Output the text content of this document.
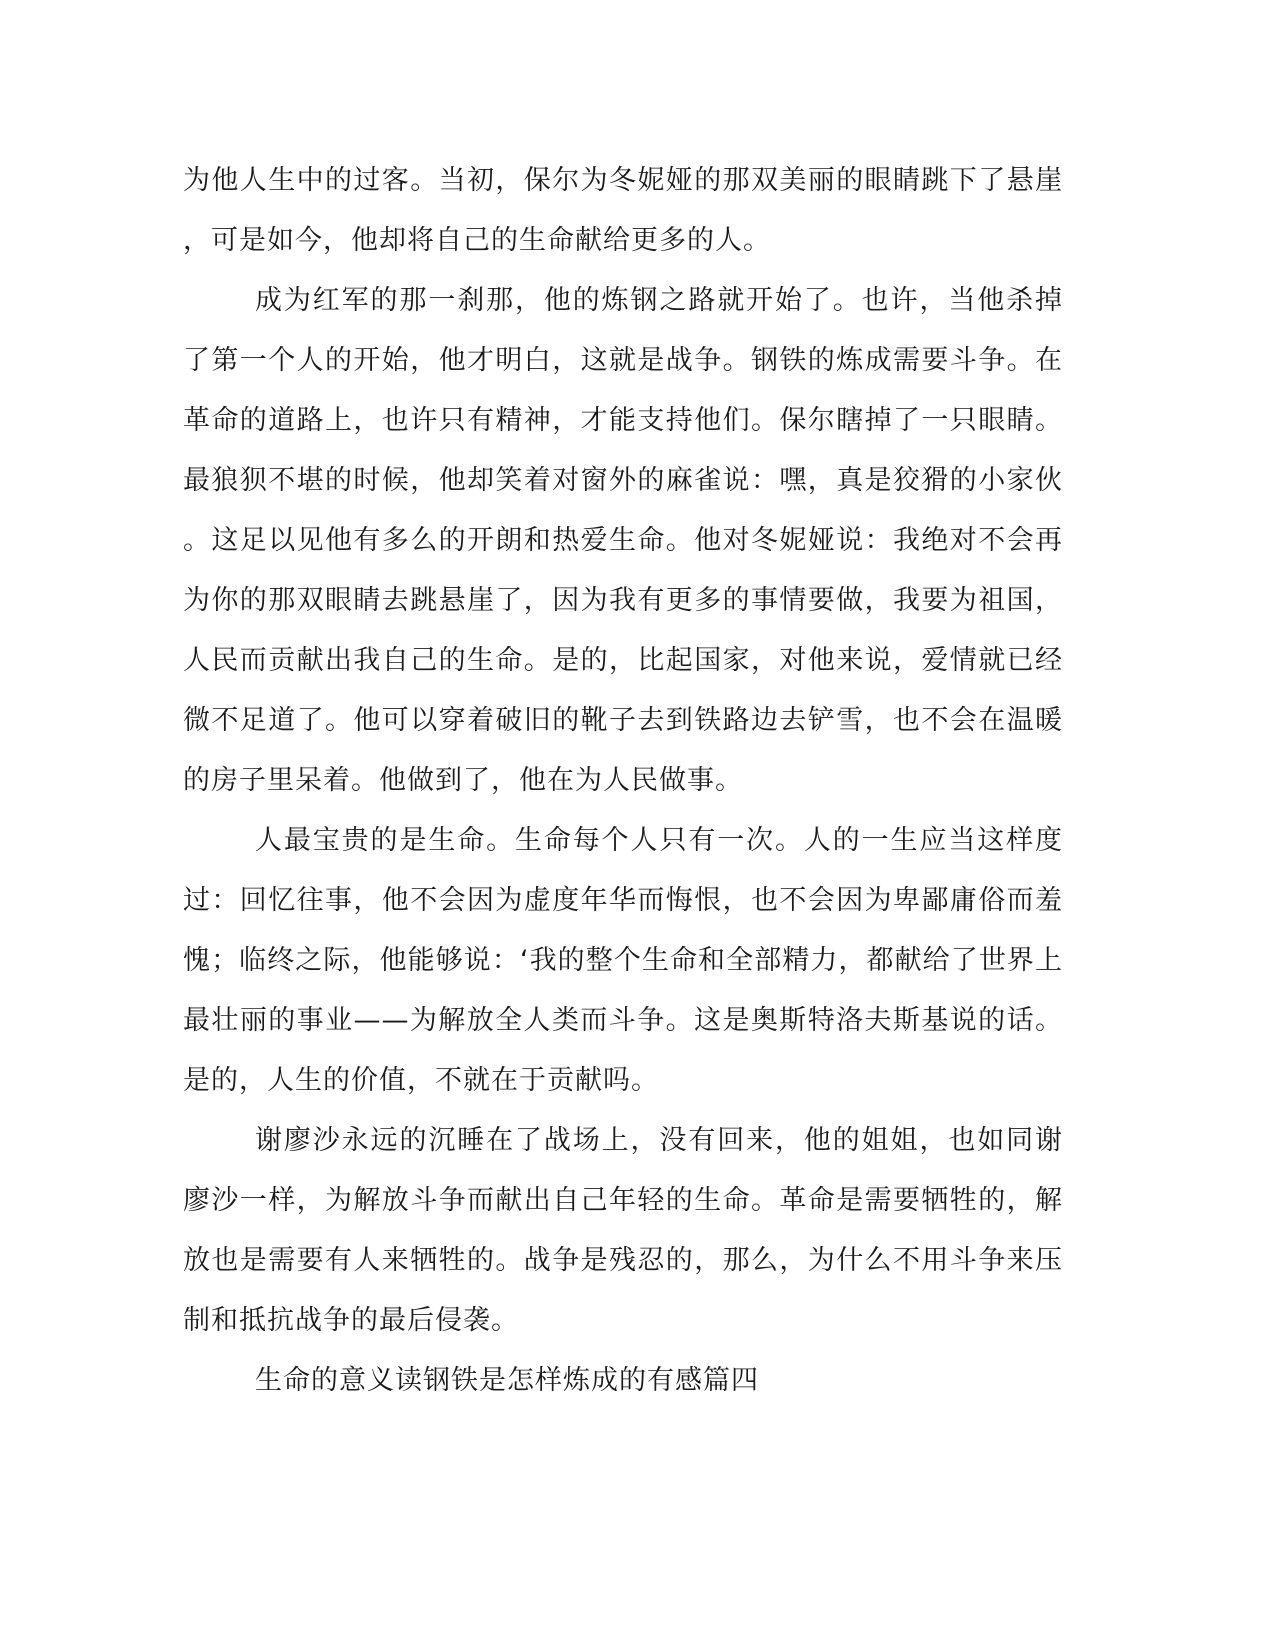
为他人生中的过客。当初，保尔为冬妮娅的那双美丽的眼睛跳下了悬崖，可是如今，他却将自己的生命献给更多的人。

成为红军的那一刹那，他的炼钢之路就开始了。也许，当他杀掉了第一个人的开始，他才明白，这就是战争。钢铁的炼成需要斗争。在革命的道路上，也许只有精神，才能支持他们。保尔瞎掉了一只眼睛。最狼狈不堪的时候，他却笑着对窗外的麻雀说：嘿，真是狡猾的小家伙。这足以见他有多么的开朗和热爱生命。他对冬妮娅说：我绝对不会再为你的那双眼睛去跳悬崖了，因为我有更多的事情要做，我要为祖国，人民而贡献出我自己的生命。是的，比起国家，对他来说，爱情就已经微不足道了。他可以穿着破旧的靴子去到铁路边去铲雪，也不会在温暖的房子里呆着。他做到了，他在为人民做事。

人最宝贵的是生命。生命每个人只有一次。人的一生应当这样度过：回忆往事，他不会因为虚度年华而悔恨，也不会因为卑鄙庸俗而羞愧；临终之际，他能够说：‘我的整个生命和全部精力，都献给了世界上最壮丽的事业——为解放全人类而斗争。这是奥斯特洛夫斯基说的话。是的，人生的价值，不就在于贡献吗。

谢廖沙永远的沉睡在了战场上，没有回来，他的姐姐，也如同谢廖沙一样，为解放斗争而献出自己年轻的生命。革命是需要牺牲的，解放也是需要有人来牺牲的。战争是残忍的，那么，为什么不用斗争来压制和抵抗战争的最后侵袭。

生命的意义读钢铁是怎样炼成的有感篇四
